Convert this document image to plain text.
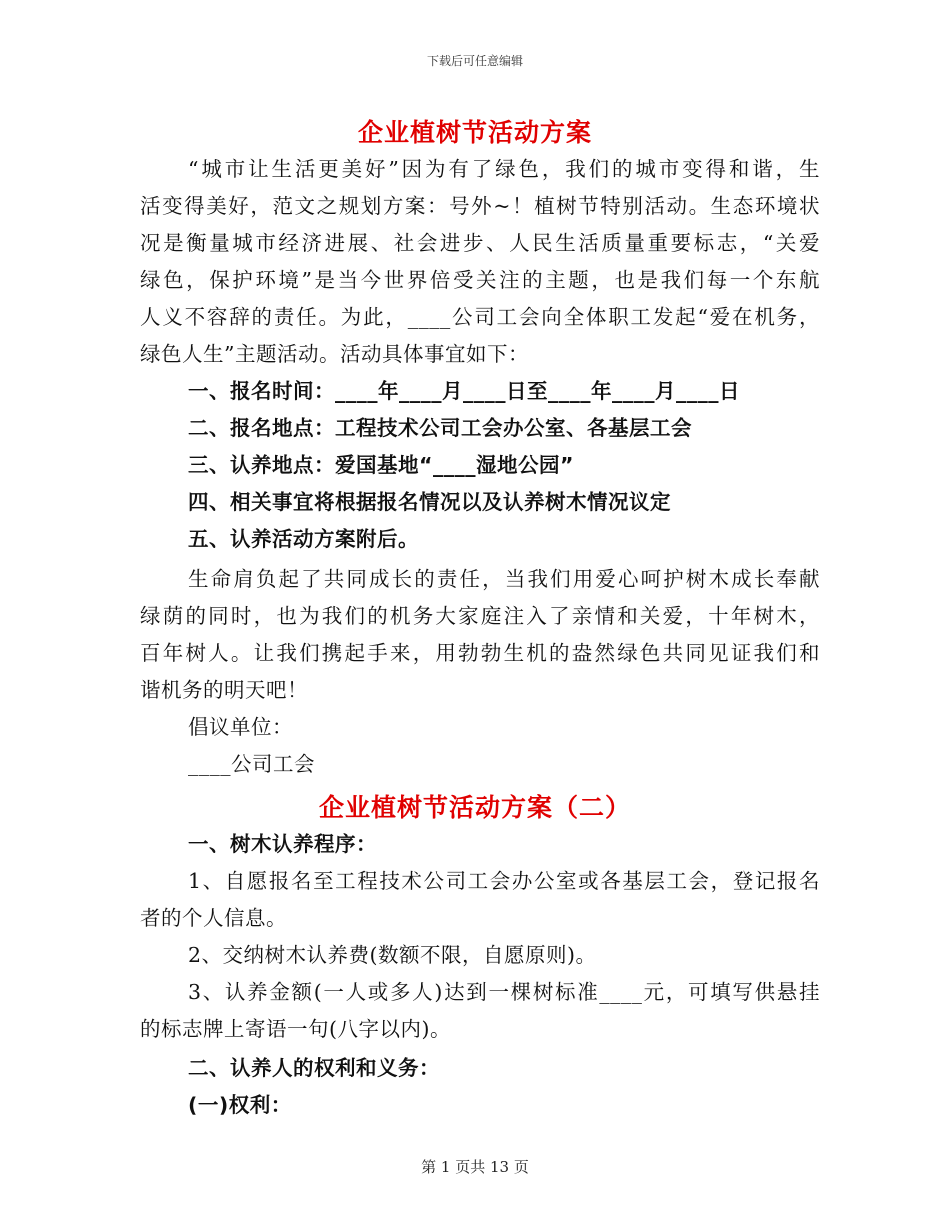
下载后可任意编辑
企业植树节活动方案
“城市让生活更美好”因为有了绿色，我们的城市变得和谐，生
活变得美好，范文之规划方案：号外~！植树节特别活动。生态环境状
况是衡量城市经济进展、社会进步、人民生活质量重要标志，“关爱
绿色，保护环境”是当今世界倍受关注的主题，也是我们每一个东航
人义不容辞的责任。为此，____公司工会向全体职工发起“爱在机务，
绿色人生”主题活动。活动具体事宜如下：
一、报名时间：____年____月____日至____年____月____日
二、报名地点：工程技术公司工会办公室、各基层工会
三、认养地点：爱国基地“____湿地公园”
四、相关事宜将根据报名情况以及认养树木情况议定
五、认养活动方案附后。
生命肩负起了共同成长的责任，当我们用爱心呵护树木成长奉献
绿荫的同时，也为我们的机务大家庭注入了亲情和关爱，十年树木，
百年树人。让我们携起手来，用勃勃生机的盎然绿色共同见证我们和
谐机务的明天吧！
倡议单位：
____公司工会
企业植树节活动方案（二）
一、树木认养程序：
1、自愿报名至工程技术公司工会办公室或各基层工会，登记报名
者的个人信息。
2、交纳树木认养费(数额不限，自愿原则)。
3、认养金额(一人或多人)达到一棵树标准____元，可填写供悬挂
的标志牌上寄语一句(八字以内)。
二、认养人的权利和义务：
(一)权利：
第 1 页共 13 页
